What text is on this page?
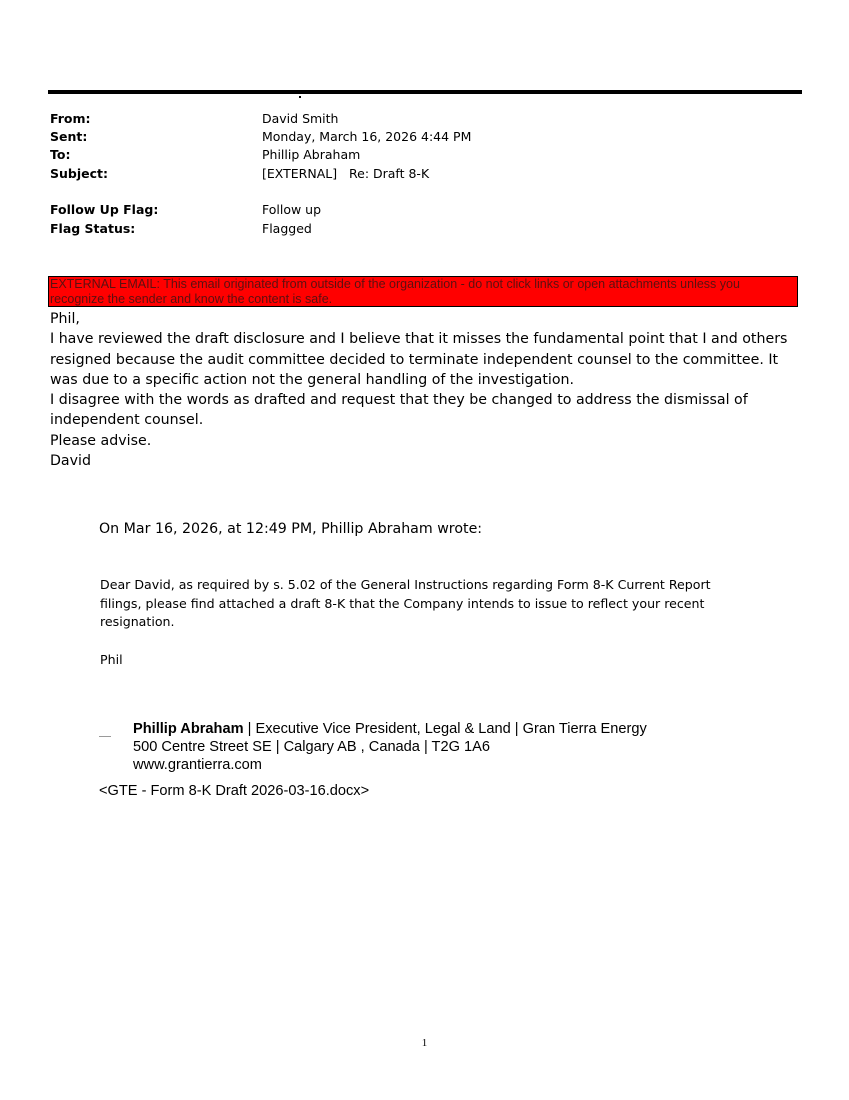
From:	David Smith
Sent:	Monday, March 16, 2026 4:44 PM
To:	Phillip Abraham
Subject:	[EXTERNAL]   Re: Draft 8-K
Follow Up Flag:	Follow up
Flag Status:	Flagged
EXTERNAL EMAIL: This email originated from outside of the organization - do not click links or open attachments unless you recognize the sender and know the content is safe.

Phil,

I have reviewed the draft disclosure and I believe that it misses the fundamental point that I and others resigned because the audit committee decided to terminate independent counsel to the committee. It was due to a specific action not the general handling of the investigation.

I disagree with the words as drafted and request that they be changed to address the dismissal of independent counsel.

Please advise.

David

On Mar 16, 2026, at 12:49 PM, Phillip Abraham wrote:
Dear David, as required by s. 5.02 of the General Instructions regarding Form 8-K Current Report filings, please find attached a draft 8-K that the Company intends to issue to reflect your recent resignation.
Phil
Phillip Abraham | Executive Vice President, Legal & Land | Gran Tierra Energy
500 Centre Street SE | Calgary AB , Canada | T2G 1A6
www.grantierra.com
<GTE - Form 8-K Draft 2026-03-16.docx>
1
